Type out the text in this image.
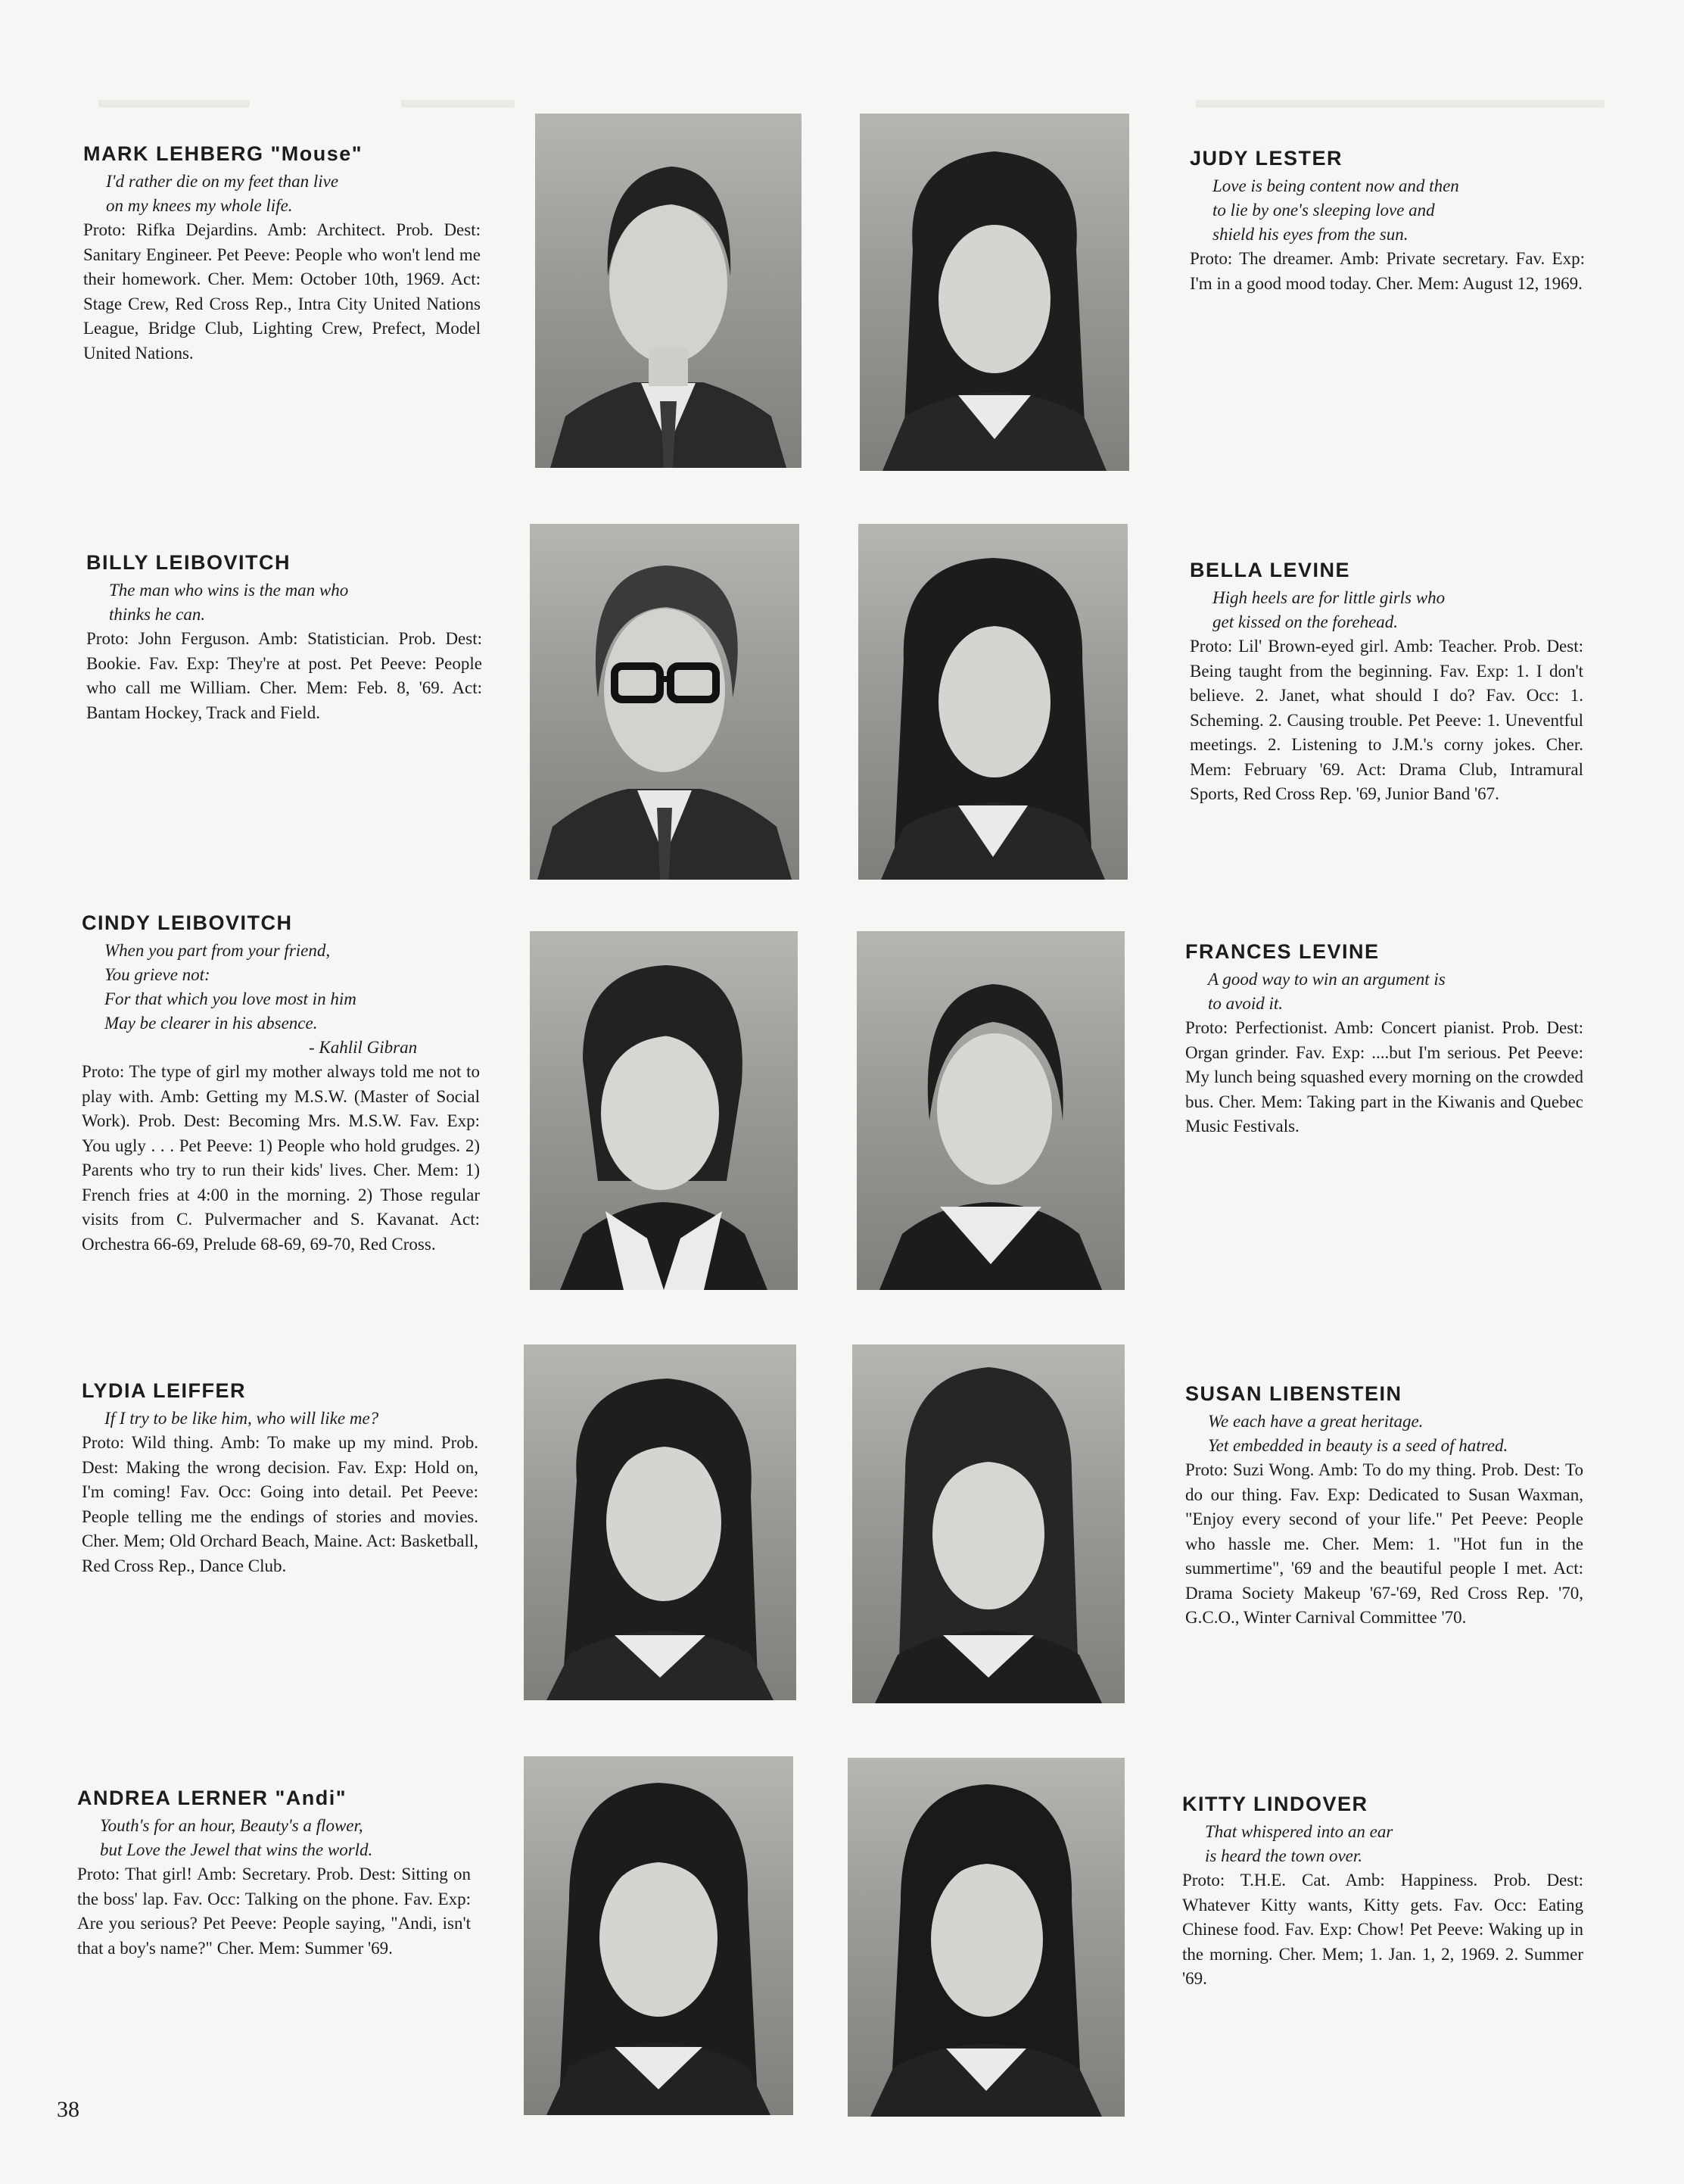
MARK LEHBERG "Mouse"
I'd rather die on my feet than live
on my knees my whole life.
Proto: Rifka Dejardins. Amb: Architect. Prob. Dest: Sanitary Engineer. Pet Peeve: People who won't lend me their homework. Cher. Mem: October 10th, 1969. Act: Stage Crew, Red Cross Rep., Intra City United Nations League, Bridge Club, Lighting Crew, Prefect, Model United Nations.
JUDY LESTER
Love is being content now and then
to lie by one's sleeping love and
shield his eyes from the sun.
Proto: The dreamer. Amb: Private secretary. Fav. Exp: I'm in a good mood today. Cher. Mem: August 12, 1969.
BILLY LEIBOVITCH
The man who wins is the man who
thinks he can.
Proto: John Ferguson. Amb: Statistician. Prob. Dest: Bookie. Fav. Exp: They're at post. Pet Peeve: People who call me William. Cher. Mem: Feb. 8, '69. Act: Bantam Hockey, Track and Field.
BELLA LEVINE
High heels are for little girls who
get kissed on the forehead.
Proto: Lil' Brown-eyed girl. Amb: Teacher. Prob. Dest: Being taught from the beginning. Fav. Exp: 1. I don't believe. 2. Janet, what should I do? Fav. Occ: 1. Scheming. 2. Causing trouble. Pet Peeve: 1. Uneventful meetings. 2. Listening to J.M.'s corny jokes. Cher. Mem: February '69. Act: Drama Club, Intramural Sports, Red Cross Rep. '69, Junior Band '67.
CINDY LEIBOVITCH
When you part from your friend,
You grieve not:
For that which you love most in him
May be clearer in his absence.
- Kahlil Gibran
Proto: The type of girl my mother always told me not to play with. Amb: Getting my M.S.W. (Master of Social Work). Prob. Dest: Becoming Mrs. M.S.W. Fav. Exp: You ugly . . . Pet Peeve: 1) People who hold grudges. 2) Parents who try to run their kids' lives. Cher. Mem: 1) French fries at 4:00 in the morning. 2) Those regular visits from C. Pulvermacher and S. Kavanat. Act: Orchestra 66-69, Prelude 68-69, 69-70, Red Cross.
FRANCES LEVINE
A good way to win an argument is
to avoid it.
Proto: Perfectionist. Amb: Concert pianist. Prob. Dest: Organ grinder. Fav. Exp: ....but I'm serious. Pet Peeve: My lunch being squashed every morning on the crowded bus. Cher. Mem: Taking part in the Kiwanis and Quebec Music Festivals.
LYDIA LEIFFER
If I try to be like him, who will like me?
Proto: Wild thing. Amb: To make up my mind. Prob. Dest: Making the wrong decision. Fav. Exp: Hold on, I'm coming! Fav. Occ: Going into detail. Pet Peeve: People telling me the endings of stories and movies. Cher. Mem; Old Orchard Beach, Maine. Act: Basketball, Red Cross Rep., Dance Club.
SUSAN LIBENSTEIN
We each have a great heritage.
Yet embedded in beauty is a seed of hatred.
Proto: Suzi Wong. Amb: To do my thing. Prob. Dest: To do our thing. Fav. Exp: Dedicated to Susan Waxman, "Enjoy every second of your life." Pet Peeve: People who hassle me. Cher. Mem: 1. "Hot fun in the summertime", '69 and the beautiful people I met. Act: Drama Society Makeup '67-'69, Red Cross Rep. '70, G.C.O., Winter Carnival Committee '70.
ANDREA LERNER "Andi"
Youth's for an hour, Beauty's a flower,
but Love the Jewel that wins the world.
Proto: That girl! Amb: Secretary. Prob. Dest: Sitting on the boss' lap. Fav. Occ: Talking on the phone. Fav. Exp: Are you serious? Pet Peeve: People saying, "Andi, isn't that a boy's name?" Cher. Mem: Summer '69.
KITTY LINDOVER
That whispered into an ear
is heard the town over.
Proto: T.H.E. Cat. Amb: Happiness. Prob. Dest: Whatever Kitty wants, Kitty gets. Fav. Occ: Eating Chinese food. Fav. Exp: Chow! Pet Peeve: Waking up in the morning. Cher. Mem; 1. Jan. 1, 2, 1969. 2. Summer '69.
38
